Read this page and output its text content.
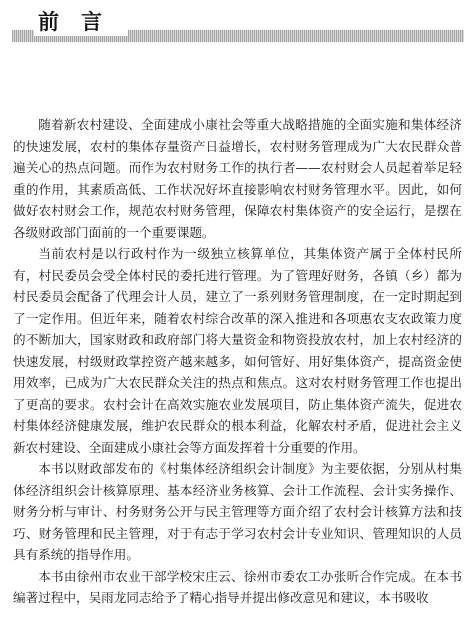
前言

随着新农村建设、全面建成小康社会等重大战略措施的全面实施和集体经济的快速发展，农村的集体存量资产日益增长，农村财务管理成为广大农民群众普遍关心的热点问题。而作为农村财务工作的执行者——农村财会人员起着举足轻重的作用，其素质高低、工作状况好坏直接影响农村财务管理水平。因此，如何做好农村财会工作，规范农村财务管理，保障农村集体资产的安全运行，是摆在各级财政部门面前的一个重要课题。

当前农村是以行政村作为一级独立核算单位，其集体资产属于全体村民所有，村民委员会受全体村民的委托进行管理。为了管理好财务，各镇（乡）都为村民委员会配备了代理会计人员，建立了一系列财务管理制度，在一定时期起到了一定作用。但近年来，随着农村综合改革的深入推进和各项惠农支农政策力度的不断加大，国家财政和政府部门将大量资金和物资投放农村，加上农村经济的快速发展，村级财政掌控资产越来越多，如何管好、用好集体资产，提高资金使用效率，已成为广大农民群众关注的热点和焦点。这对农村财务管理工作也提出了更高的要求。农村会计在高效实施农业发展项目，防止集体资产流失，促进农村集体经济健康发展，维护农民群众的根本利益，化解农村矛盾，促进社会主义新农村建设、全面建成小康社会等方面发挥着十分重要的作用。

本书以财政部发布的《村集体经济组织会计制度》为主要依据，分别从村集体经济组织会计核算原理、基本经济业务核算、会计工作流程、会计实务操作、财务分析与审计、村务财务公开与民主管理等方面介绍了农村会计核算方法和技巧、财务管理和民主管理，对于有志于学习农村会计专业知识、管理知识的人员具有系统的指导作用。

本书由徐州市农业干部学校宋庄云、徐州市委农工办张昕合作完成。在本书编著过程中，吴雨龙同志给予了精心指导并提出修改意见和建议，本书吸收
